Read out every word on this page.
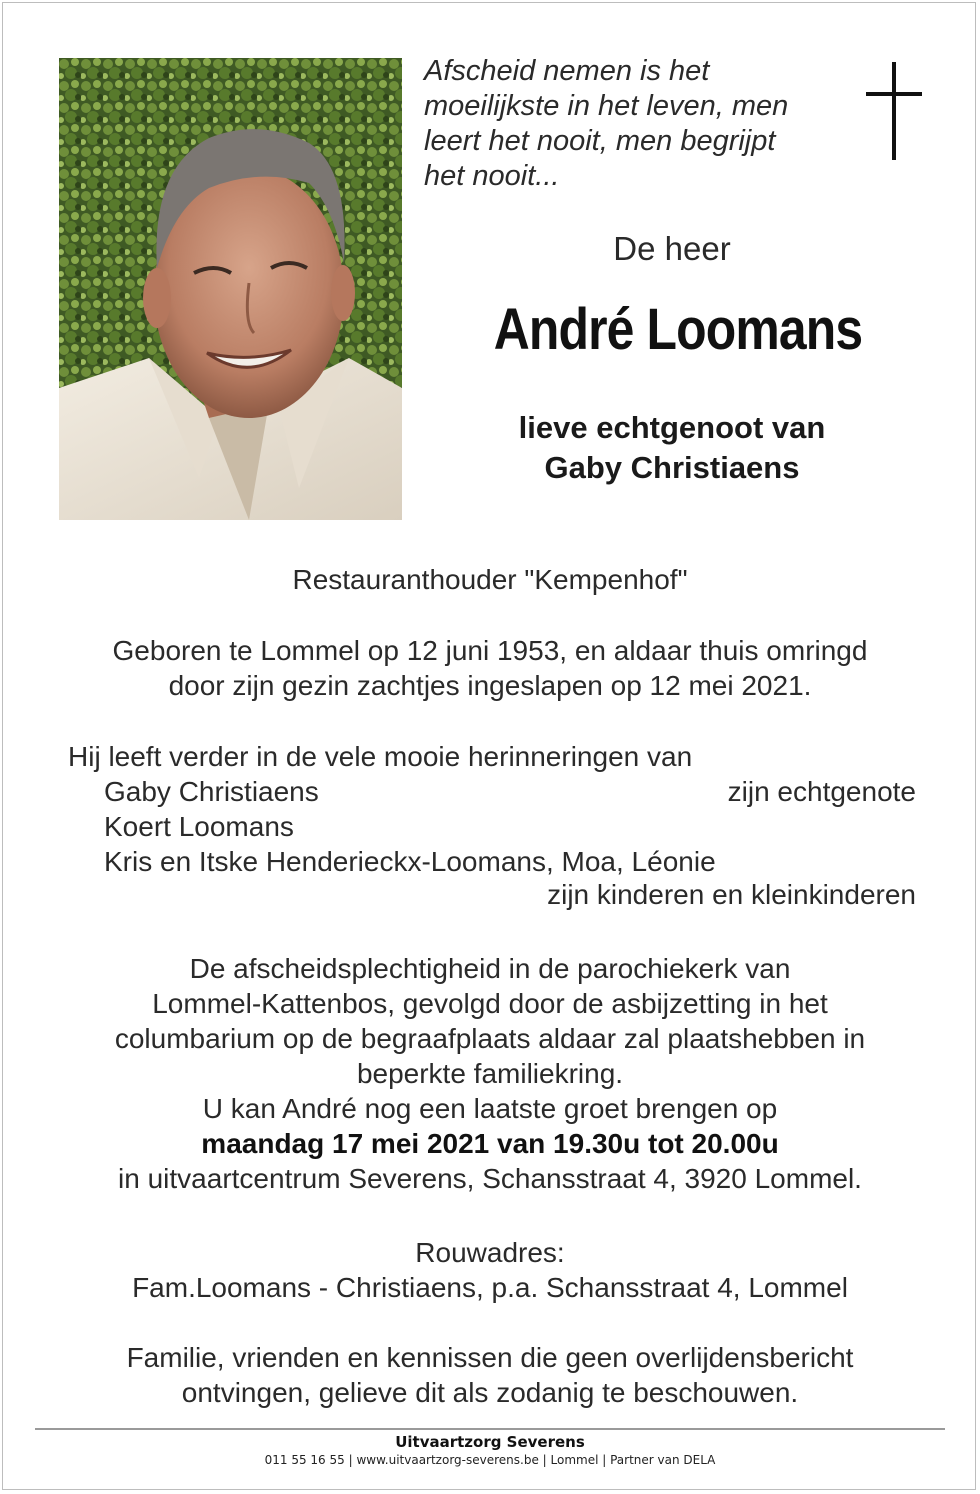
Afscheid nemen is het
moeilijkste in het leven, men
leert het nooit, men begrijpt
het nooit...
De heer
André Loomans
lieve echtgenoot van
Gaby Christiaens
Restauranthouder "Kempenhof"
Geboren te Lommel op 12 juni 1953, en aldaar thuis omringd
door zijn gezin zachtjes ingeslapen op 12 mei 2021.
Hij leeft verder in de vele mooie herinneringen van
Gaby Christiaens	zijn echtgenote
Koert Loomans
Kris en Itske Henderieckx-Loomans, Moa, Léonie
zijn kinderen en kleinkinderen
De afscheidsplechtigheid in de parochiekerk van
Lommel-Kattenbos, gevolgd door de asbijzetting in het
columbarium op de begraafplaats aldaar zal plaatshebben in
beperkte familiekring.
U kan André nog een laatste groet brengen op
maandag 17 mei 2021 van 19.30u tot 20.00u
in uitvaartcentrum Severens, Schansstraat 4, 3920 Lommel.
Rouwadres:
Fam.Loomans - Christiaens, p.a. Schansstraat 4, Lommel
Familie, vrienden en kennissen die geen overlijdensbericht
ontvingen, gelieve dit als zodanig te beschouwen.
Uitvaartzorg Severens
011 55 16 55 | www.uitvaartzorg-severens.be | Lommel | Partner van DELA
